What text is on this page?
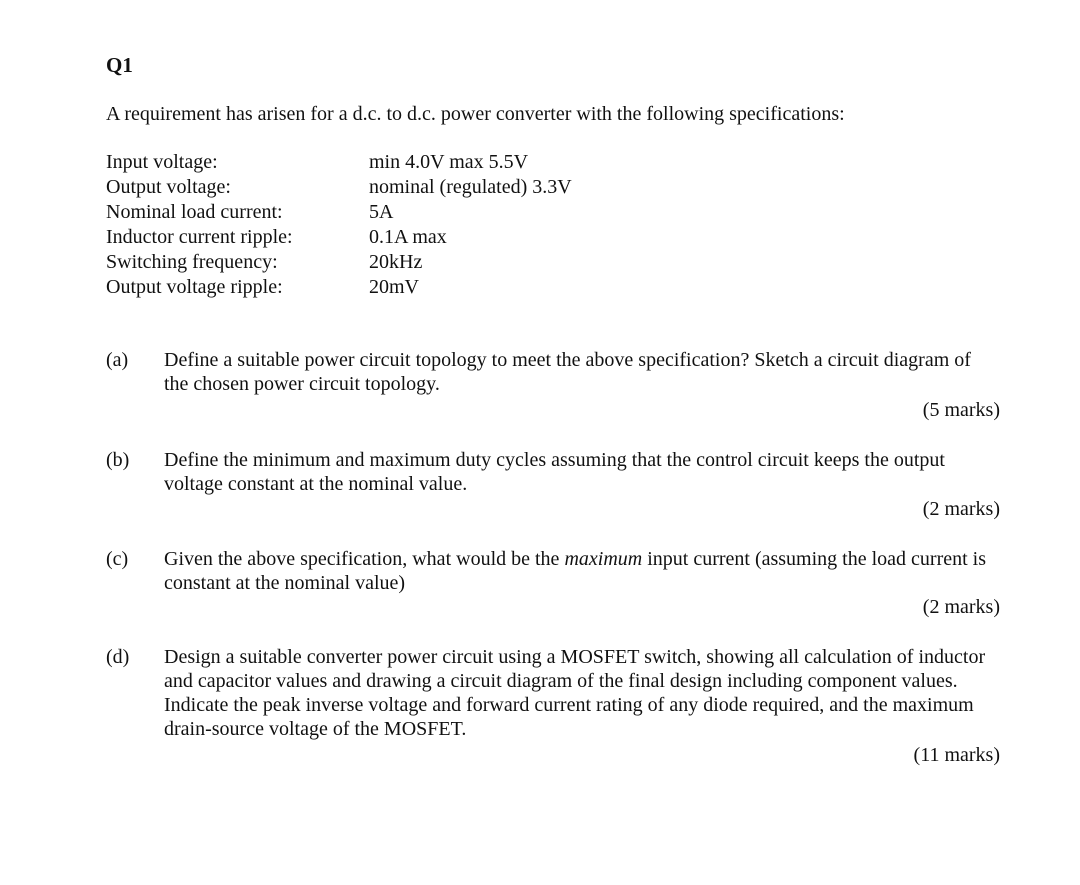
Q1
A requirement has arisen for a d.c. to d.c. power converter with the following specifications:
Input voltage:	min 4.0V max 5.5V
Output voltage:	nominal (regulated) 3.3V
Nominal load current:	5A
Inductor current ripple:	0.1A max
Switching frequency:	20kHz
Output voltage ripple:	20mV
(a) Define a suitable power circuit topology to meet the above specification? Sketch a circuit diagram of the chosen power circuit topology.
(5 marks)
(b) Define the minimum and maximum duty cycles assuming that the control circuit keeps the output voltage constant at the nominal value.
(2 marks)
(c) Given the above specification, what would be the maximum input current (assuming the load current is constant at the nominal value)
(2 marks)
(d) Design a suitable converter power circuit using a MOSFET switch, showing all calculation of inductor and capacitor values and drawing a circuit diagram of the final design including component values. Indicate the peak inverse voltage and forward current rating of any diode required, and the maximum drain-source voltage of the MOSFET.
(11 marks)
